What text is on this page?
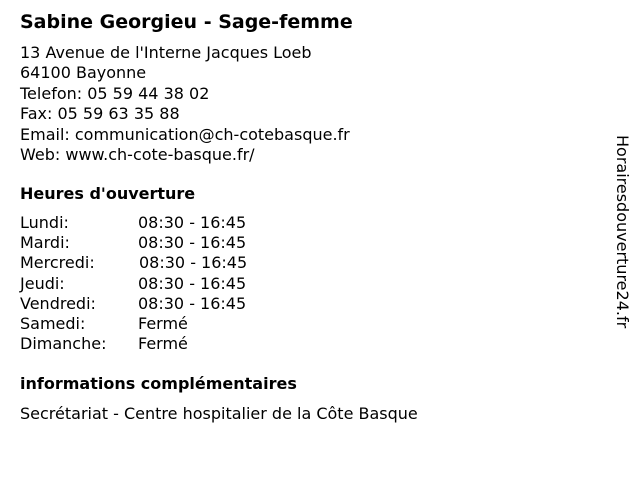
Sabine Georgieu - Sage-femme
13 Avenue de l'Interne Jacques Loeb
64100 Bayonne
Telefon: 05 59 44 38 02
Fax: 05 59 63 35 88
Email: communication@ch-cotebasque.fr
Web: www.ch-cote-basque.fr/
Heures d'ouverture
Lundi:	08:30 - 16:45
Mardi:	08:30 - 16:45
Mercredi:	08:30 - 16:45
Jeudi:	08:30 - 16:45
Vendredi:	08:30 - 16:45
Samedi:	Fermé
Dimanche: Fermé
informations complémentaires
Secrétariat - Centre hospitalier de la Côte Basque
Horairesdouverture24.fr
